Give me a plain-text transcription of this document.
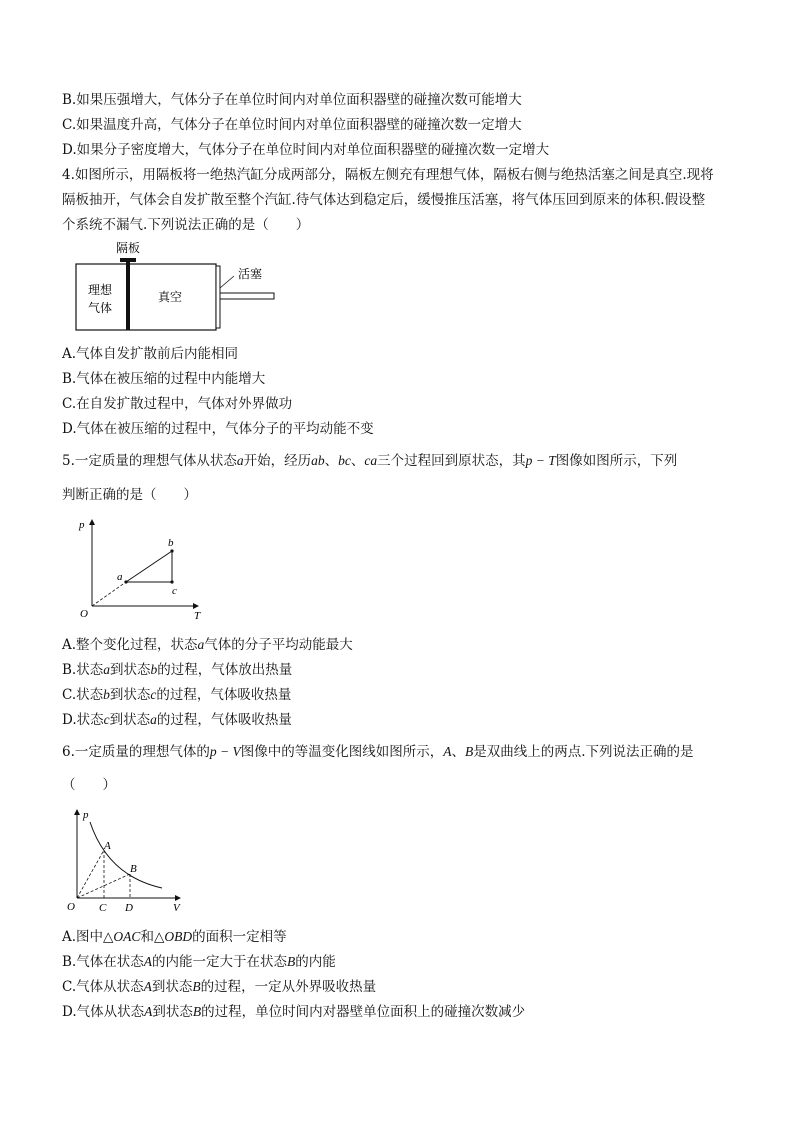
B.如果压强增大，气体分子在单位时间内对单位面积器壁的碰撞次数可能增大
C.如果温度升高，气体分子在单位时间内对单位面积器壁的碰撞次数一定增大
D.如果分子密度增大，气体分子在单位时间内对单位面积器壁的碰撞次数一定增大
4.如图所示，用隔板将一绝热汽缸分成两部分，隔板左侧充有理想气体，隔板右侧与绝热活塞之间是真空.现将
隔板抽开，气体会自发扩散至整个汽缸.待气体达到稳定后，缓慢推压活塞，将气体压回到原来的体积.假设整
个系统不漏气.下列说法正确的是（　　）
隔板
理想
气体
真空
活塞
A.气体自发扩散前后内能相同
B.气体在被压缩的过程中内能增大
C.在自发扩散过程中，气体对外界做功
D.气体在被压缩的过程中，气体分子的平均动能不变
5.一定质量的理想气体从状态a开始，经历ab、bc、ca三个过程回到原状态，其p − T图像如图所示，下列
判断正确的是（　　）
p
T
O
a
b
c
A.整个变化过程，状态a气体的分子平均动能最大
B.状态a到状态b的过程，气体放出热量
C.状态b到状态c的过程，气体吸收热量
D.状态c到状态a的过程，气体吸收热量
6.一定质量的理想气体的p − V图像中的等温变化图线如图所示，A、B是双曲线上的两点.下列说法正确的是
（　　）
p
V
O
A
B
C D
A.图中△OAC和△OBD的面积一定相等
B.气体在状态A的内能一定大于在状态B的内能
C.气体从状态A到状态B的过程，一定从外界吸收热量
D.气体从状态A到状态B的过程，单位时间内对器壁单位面积上的碰撞次数减少
